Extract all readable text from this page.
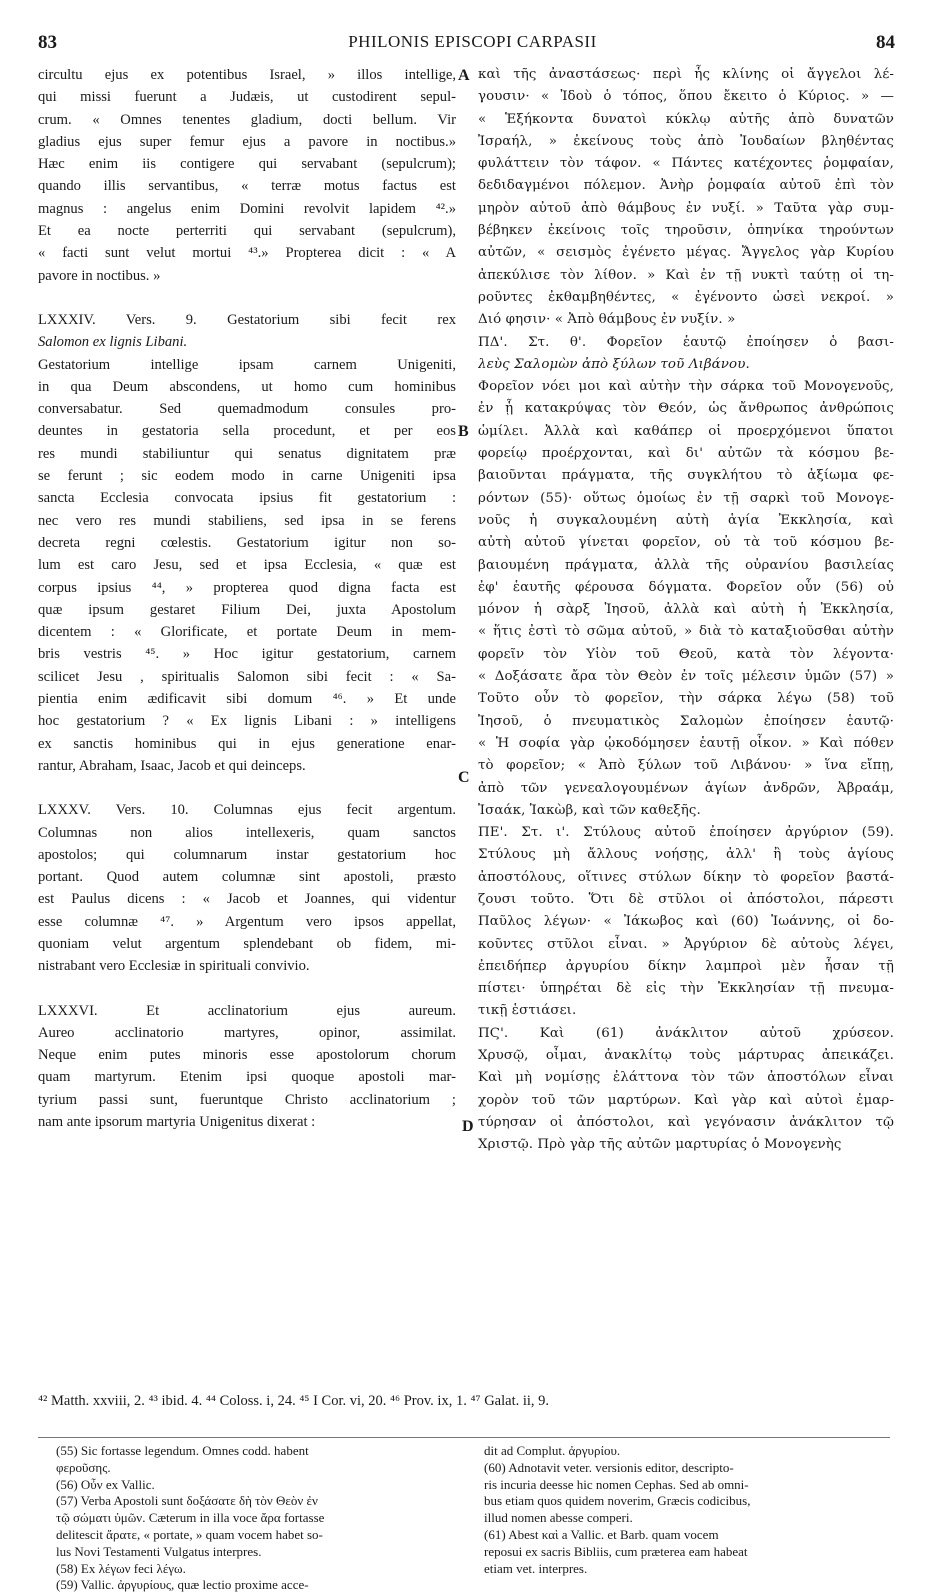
83	PHILONIS EPISCOPI CARPASII	84
A
B
C
D
circultu ejus ex potentibus Israel, » illos intellige,
qui missi fuerunt a Judæis, ut custodirent sepul-
crum. « Omnes tenentes gladium, docti bellum. Vir
gladius ejus super femur ejus a pavore in noctibus.»
Hæc enim iis contigere qui servabant (sepulcrum);
quando illis servantibus, « terræ motus factus est
magnus : angelus enim Domini revolvit lapidem ⁴².»
Et ea nocte perterriti qui servabant (sepulcrum),
« facti sunt velut mortui ⁴³.» Propterea dicit : « A
pavore in noctibus. »
LXXXIV. Vers. 9. Gestatorium sibi fecit rex
Salomon ex lignis Libani.
Gestatorium intellige ipsam carnem Unigeniti,
in qua Deum abscondens, ut homo cum hominibus
conversabatur. Sed quemadmodum consules pro-
deuntes in gestatoria sella procedunt, et per eos
res mundi stabiliuntur qui senatus dignitatem præ
se ferunt ; sic eodem modo in carne Unigeniti ipsa
sancta Ecclesia convocata ipsius fit gestatorium :
nec vero res mundi stabiliens, sed ipsa in se ferens
decreta regni cœlestis. Gestatorium igitur non so-
lum est caro Jesu, sed et ipsa Ecclesia, « quæ est
corpus ipsius ⁴⁴, » propterea quod digna facta est
quæ ipsum gestaret Filium Dei, juxta Apostolum
dicentem : « Glorificate, et portate Deum in mem-
bris vestris ⁴⁵. » Hoc igitur gestatorium, carnem
scilicet Jesu , spiritualis Salomon sibi fecit : « Sa-
pientia enim ædificavit sibi domum ⁴⁶. » Et unde
hoc gestatorium ? « Ex lignis Libani : » intelligens
ex sanctis hominibus qui in ejus generatione enar-
rantur, Abraham, Isaac, Jacob et qui deinceps.
LXXXV. Vers. 10. Columnas ejus fecit argentum.
Columnas non alios intellexeris, quam sanctos
apostolos; qui columnarum instar gestatorium hoc
portant. Quod autem columnæ sint apostoli, præsto
est Paulus dicens : « Jacob et Joannes, qui videntur
esse columnæ ⁴⁷. » Argentum vero ipsos appellat,
quoniam velut argentum splendebant ob fidem, mi-
nistrabant vero Ecclesiæ in spirituali convivio.
LXXXVI. Et acclinatorium ejus aureum.
Aureo acclinatorio martyres, opinor, assimilat.
Neque enim putes minoris esse apostolorum chorum
quam martyrum. Etenim ipsi quoque apostoli mar-
tyrium passi sunt, fueruntque Christo acclinatorium ;
nam ante ipsorum martyria Unigenitus dixerat :
καὶ τῆς ἀναστάσεως· περὶ ἧς κλίνης οἱ ἄγγελοι λέ-
γουσιν· « Ἰδοὺ ὁ τόπος, ὅπου ἔκειτο ὁ Κύριος. » —
« Ἑξήκοντα δυνατοὶ κύκλῳ αὐτῆς ἀπὸ δυνατῶν
Ἰσραήλ, » ἐκείνους τοὺς ἀπὸ Ἰουδαίων βληθέντας
φυλάττειν τὸν τάφον. « Πάντες κατέχοντες ῥομφαίαν,
δεδιδαγμένοι πόλεμον. Ἀνὴρ ῥομφαία αὐτοῦ ἐπὶ τὸν
μηρὸν αὐτοῦ ἀπὸ θάμβους ἐν νυξί. » Ταῦτα γὰρ συμ-
βέβηκεν ἐκείνοις τοῖς τηροῦσιν, ὁπηνίκα τηρούντων
αὐτῶν, « σεισμὸς ἐγένετο μέγας. Ἄγγελος γὰρ Κυρίου
ἀπεκύλισε τὸν λίθον. » Καὶ ἐν τῇ νυκτὶ ταύτῃ οἱ τη-
ροῦντες ἐκθαμβηθέντες, « ἐγένοντο ὡσεὶ νεκροί. »
Διό φησιν· « Ἀπὸ θάμβους ἐν νυξίν. »
ΠΔ'. Στ. θ'. Φορεῖον ἑαυτῷ ἐποίησεν ὁ βασι-
λεὺς Σαλομὼν ἀπὸ ξύλων τοῦ Λιβάνου.
Φορεῖον νόει μοι καὶ αὐτὴν τὴν σάρκα τοῦ Μονογενοῦς,
ἐν ᾗ κατακρύψας τὸν Θεόν, ὡς ἄνθρωπος ἀνθρώποις
ὡμίλει. Ἀλλὰ καὶ καθάπερ οἱ προερχόμενοι ὕπατοι
φορείῳ προέρχονται, καὶ δι' αὐτῶν τὰ κόσμου βε-
βαιοῦνται πράγματα, τῆς συγκλήτου τὸ ἀξίωμα φε-
ρόντων (55)· οὕτως ὁμοίως ἐν τῇ σαρκὶ τοῦ Μονογε-
νοῦς ἡ συγκαλουμένη αὐτὴ ἁγία Ἐκκλησία, καὶ
αὐτὴ αὐτοῦ γίνεται φορεῖον, οὐ τὰ τοῦ κόσμου βε-
βαιουμένη πράγματα, ἀλλὰ τῆς οὐρανίου βασιλείας
ἐφ' ἑαυτῆς φέρουσα δόγματα. Φορεῖον οὖν (56) οὐ
μόνον ἡ σὰρξ Ἰησοῦ, ἀλλὰ καὶ αὐτὴ ἡ Ἐκκλησία,
« ἥτις ἐστὶ τὸ σῶμα αὐτοῦ, » διὰ τὸ καταξιοῦσθαι αὐτὴν
φορεῖν τὸν Υἱὸν τοῦ Θεοῦ, κατὰ τὸν λέγοντα·
« Δοξάσατε ἄρα τὸν Θεὸν ἐν τοῖς μέλεσιν ὑμῶν (57) »
Τοῦτο οὖν τὸ φορεῖον, τὴν σάρκα λέγω (58) τοῦ
Ἰησοῦ, ὁ πνευματικὸς Σαλομὼν ἐποίησεν ἑαυτῷ·
« Ἡ σοφία γὰρ ᾠκοδόμησεν ἑαυτῇ οἶκον. » Καὶ πόθεν
τὸ φορεῖον; « Ἀπὸ ξύλων τοῦ Λιβάνου· » ἵνα εἴπῃ,
ἀπὸ τῶν γενεαλογουμένων ἁγίων ἀνδρῶν, Ἀβραάμ,
Ἰσαάκ, Ἰακὼβ, καὶ τῶν καθεξῆς.
ΠΕ'. Στ. ι'. Στύλους αὐτοῦ ἐποίησεν ἀργύριον (59).
Στύλους μὴ ἄλλους νοήσῃς, ἀλλ' ἢ τοὺς ἁγίους
ἀποστόλους, οἵτινες στύλων δίκην τὸ φορεῖον βαστά-
ζουσι τοῦτο. Ὅτι δὲ στῦλοι οἱ ἀπόστολοι, πάρεστι
Παῦλος λέγων· « Ἰάκωβος καὶ (60) Ἰωάννης, οἱ δο-
κοῦντες στῦλοι εἶναι. » Ἀργύριον δὲ αὐτοὺς λέγει,
ἐπειδήπερ ἀργυρίου δίκην λαμπροὶ μὲν ἦσαν τῇ
πίστει· ὑπηρέται δὲ εἰς τὴν Ἐκκλησίαν τῇ πνευμα-
τικῇ ἑστιάσει.
ΠϚ'. Καὶ (61) ἀνάκλιτον αὐτοῦ χρύσεον.
Χρυσῷ, οἶμαι, ἀνακλίτῳ τοὺς μάρτυρας ἀπεικάζει.
Καὶ μὴ νομίσῃς ἐλάττονα τὸν τῶν ἀποστόλων εἶναι
χορὸν τοῦ τῶν μαρτύρων. Καὶ γὰρ καὶ αὐτοὶ ἐμαρ-
τύρησαν οἱ ἀπόστολοι, καὶ γεγόνασιν ἀνάκλιτον τῷ
Χριστῷ. Πρὸ γὰρ τῆς αὐτῶν μαρτυρίας ὁ Μονογενὴς
⁴² Matth. xxviii, 2. ⁴³ ibid. 4. ⁴⁴ Coloss. i, 24. ⁴⁵ I Cor. vi, 20. ⁴⁶ Prov. ix, 1. ⁴⁷ Galat. ii, 9.
(55) Sic fortasse legendum. Omnes codd. habent
φεροῦσης.
(56) Οὖν ex Vallic.
(57) Verba Apostoli sunt δοξάσατε δὴ τὸν Θεὸν ἐν
τῷ σώματι ὑμῶν. Cæterum in illa voce ἄρα fortasse
delitescit ἄρατε, « portate, » quam vocem habet so-
lus Novi Testamenti Vulgatus interpres.
(58) Ex λέγων feci λέγω.
(59) Vallic. ἀργυρίους, quæ lectio proxime acce-
dit ad Complut. ἀργυρίου.
(60) Adnotavit veter. versionis editor, descripto-
ris incuria deesse hic nomen Cephas. Sed ab omni-
bus etiam quos quidem noverim, Græcis codicibus,
illud nomen abesse comperi.
(61) Abest καὶ a Vallic. et Barb. quam vocem
reposui ex sacris Bibliis, cum præterea eam habeat
etiam vet. interpres.
